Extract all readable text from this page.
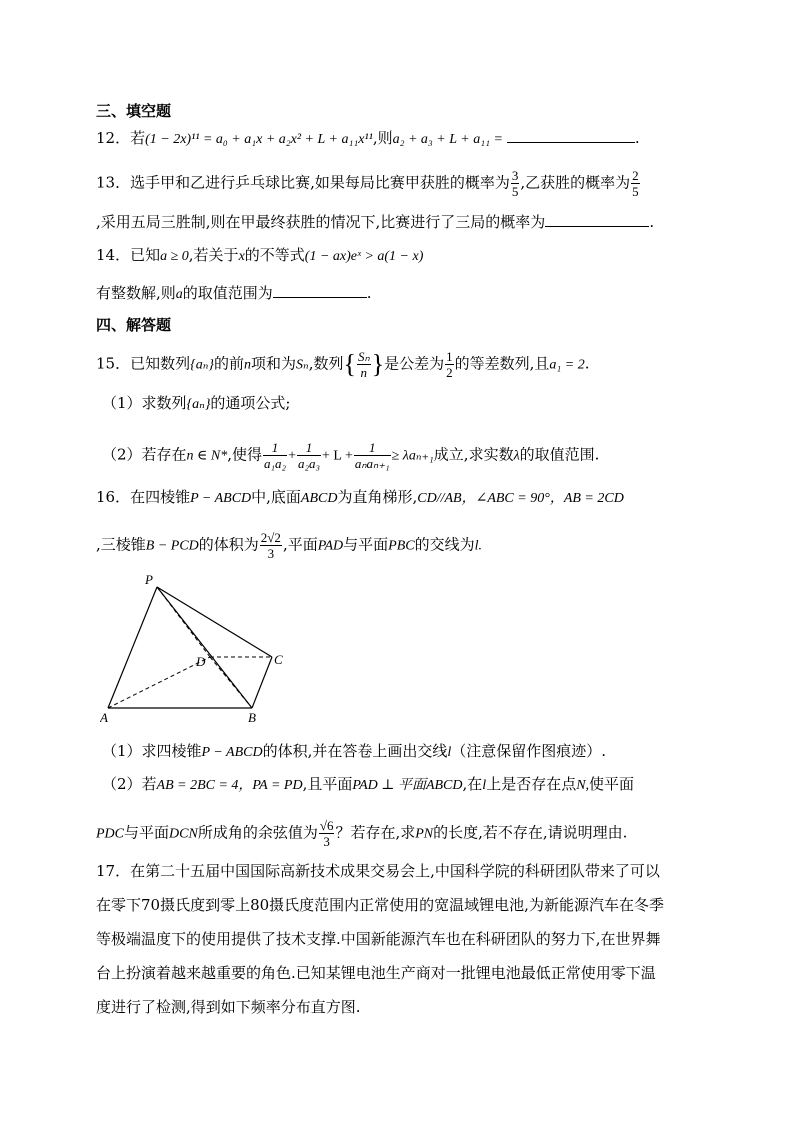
三、填空题
12．若(1 − 2x)¹¹ = a₀ + a₁x + a₂x² + L + a₁₁x¹¹,则a₂ + a₃ + L + a₁₁ =	.
13．选手甲和乙进行乒乓球比赛,如果每局比赛甲获胜的概率为 $\frac{3}{5}$ ,乙获胜的概率为 $\frac{2}{5}$
,采用五局三胜制,则在甲最终获胜的情况下,比赛进行了三局的概率为	.
14．已知a ≥ 0,若关于x的不等式(1 − ax)eˣ > a(1 − x)
有整数解,则a的取值范围为	.
四、解答题
15．已知数列{aₙ}的前n项和为Sₙ,数列{ $\frac{\text{Sₙ}}{n}$ }是公差为 $\frac{1}{2}$ 的等差数列,且a₁ = 2.
（1）求数列{aₙ}的通项公式;
（2）若存在n ∈ N*,使得 $\frac{1}{\text{a₁a₂}} + \frac{1}{\text{a₂a₃}} + L$ +
1
aₙaₙ₊₁ ≥ λaₙ₊₁成立,求实数λ的取值范围.
16．在四棱锥P − ABCD中,底面ABCD为直角梯形,CD//AB，∠ABC = 90°，AB = 2CD
,三棱锥B − PCD的体积为 $\frac{2√2}{3}$ ,平面PAD与平面PBC的交线为l.
P
A	B
C
D
（1）求四棱锥P − ABCD的体积,并在答卷上画出交线l（注意保留作图痕迹）.
（2）若AB = 2BC = 4，PA = PD,且平面PAD ⊥ 平面ABCD,在l上是否存在点N,使平面
PDC与平面DCN所成角的余弦值为 $\frac{√6}{3}$ ？若存在,求PN的长度,若不存在,请说明理由.
17．在第二十五届中国国际高新技术成果交易会上,中国科学院的科研团队带来了可以
在零下70摄氏度到零上80摄氏度范围内正常使用的宽温域锂电池,为新能源汽车在冬季
等极端温度下的使用提供了技术支撑.中国新能源汽车也在科研团队的努力下,在世界舞
台上扮演着越来越重要的角色.已知某锂电池生产商对一批锂电池最低正常使用零下温
度进行了检测,得到如下频率分布直方图.
